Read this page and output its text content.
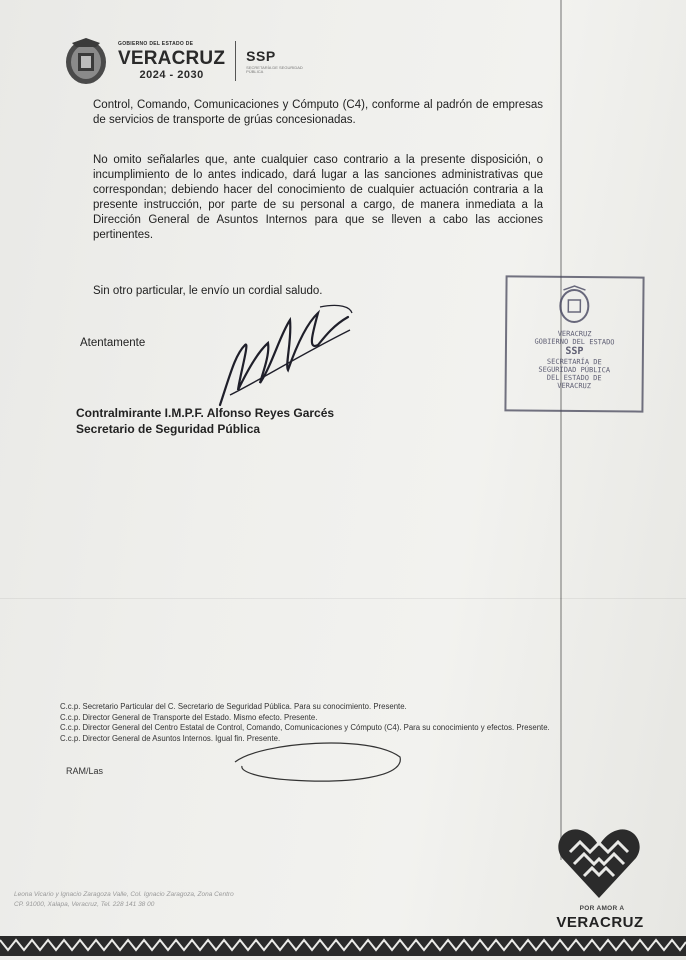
GOBIERNO DEL ESTADO DE
VERACRUZ
2024 - 2030
SSP
SECRETARÍA DE SEGURIDAD PÚBLICA
Control, Comando, Comunicaciones y Cómputo (C4), conforme al padrón de empresas de servicios de transporte de grúas concesionadas.
No omito señalarles que, ante cualquier caso contrario a la presente disposición, o incumplimiento de lo antes indicado, dará lugar a las sanciones administrativas que correspondan; debiendo hacer del conocimiento de cualquier actuación contraria a la presente instrucción, por parte de su personal a cargo, de manera inmediata a la Dirección General de Asuntos Internos para que se lleven a cabo las acciones pertinentes.
Sin otro particular, le envío un cordial saludo.
Atentamente
Contralmirante I.M.P.F. Alfonso Reyes Garcés
Secretario de Seguridad Pública
VERACRUZ
GOBIERNO DEL ESTADO
SSP
SECRETARÍA DE
SEGURIDAD PÚBLICA
DEL ESTADO DE
VERACRUZ
C.c.p. Secretario Particular del C. Secretario de Seguridad Pública. Para su conocimiento. Presente.
C.c.p. Director General de Transporte del Estado. Mismo efecto. Presente.
C.c.p. Director General del Centro Estatal de Control, Comando, Comunicaciones y Cómputo (C4). Para su conocimiento y efectos. Presente.
C.c.p. Director General de Asuntos Internos. Igual fin. Presente.
RAM/Las
Leona Vicario y Ignacio Zaragoza Valle, Col. Ignacio Zaragoza, Zona Centro
CP. 91000, Xalapa, Veracruz, Tel. 228 141 38 00
POR AMOR A
VERACRUZ
